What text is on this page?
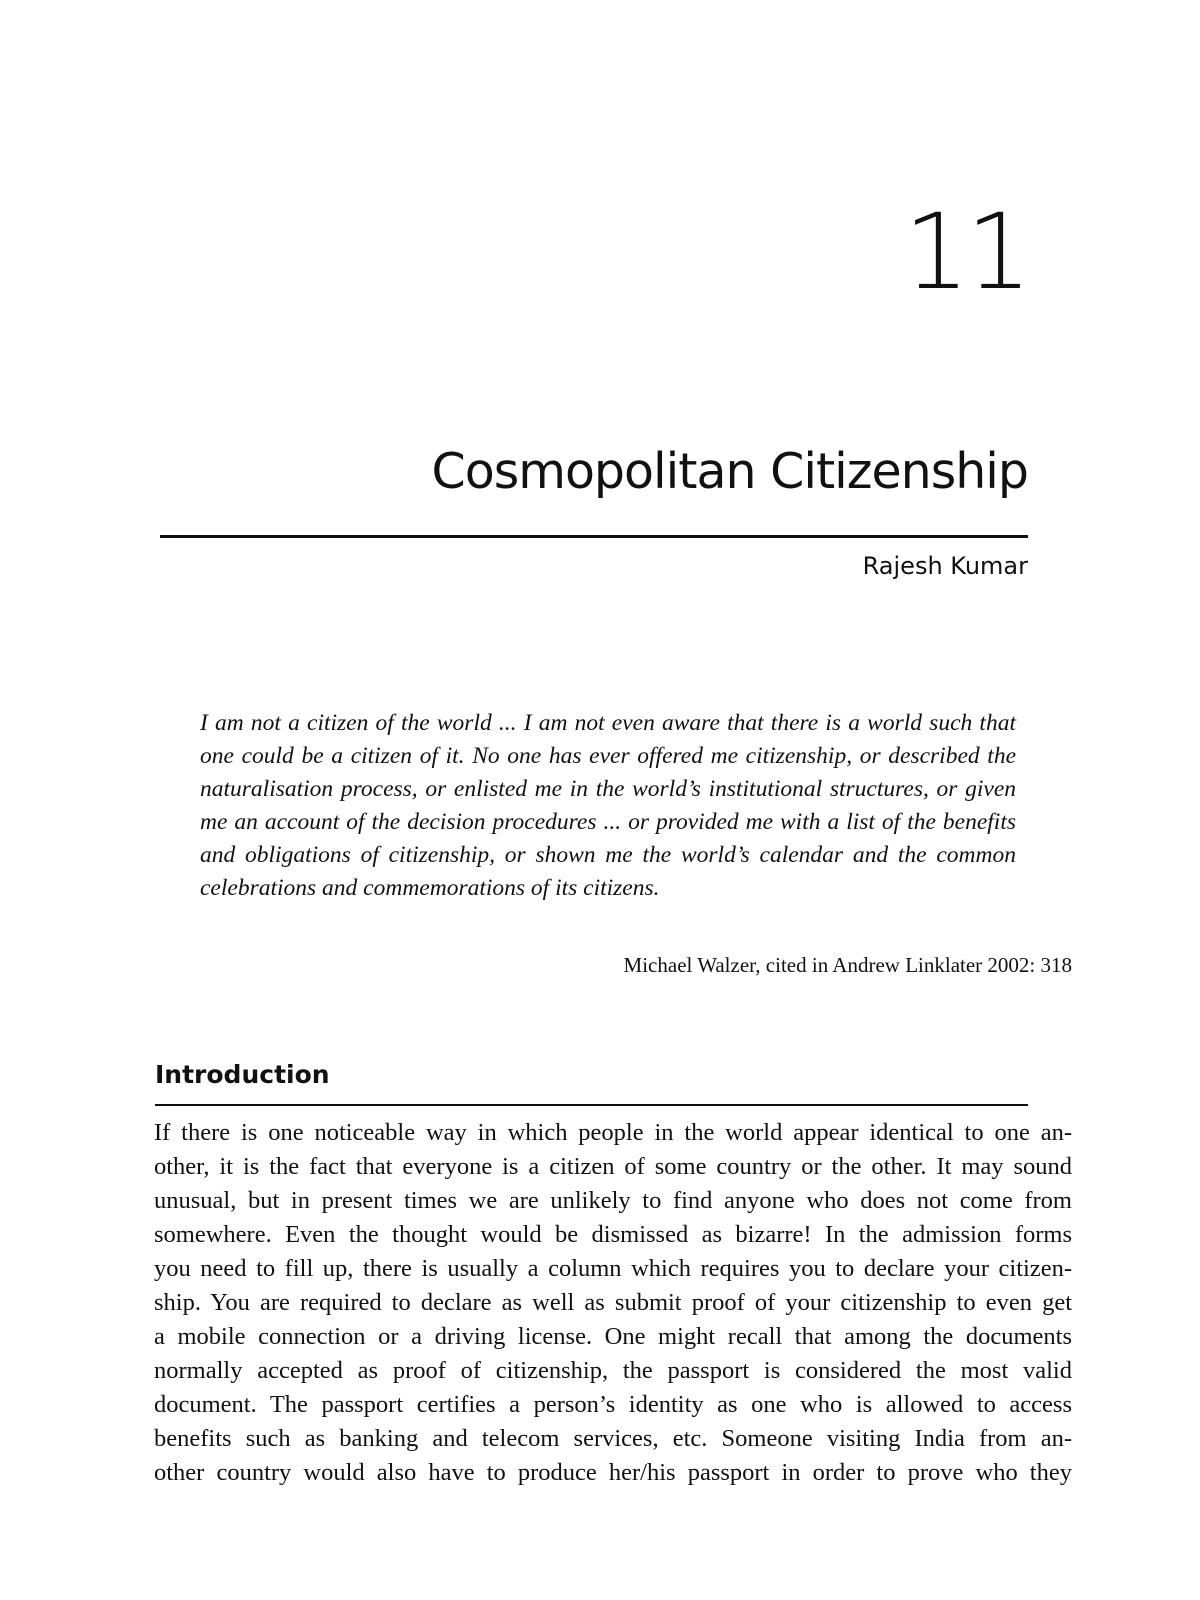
11
Cosmopolitan Citizenship
Rajesh Kumar
I am not a citizen of the world ... I am not even aware that there is a world such that one could be a citizen of it. No one has ever offered me citizenship, or described the naturalisation process, or enlisted me in the world’s institutional structures, or given me an account of the decision procedures ... or provided me with a list of the benefits and obligations of citizenship, or shown me the world’s calendar and the common celebrations and commemorations of its citizens.
Michael Walzer, cited in Andrew Linklater 2002: 318
Introduction

If there is one noticeable way in which people in the world appear identical to one an-
other, it is the fact that everyone is a citizen of some country or the other. It may sound
unusual, but in present times we are unlikely to find anyone who does not come from
somewhere. Even the thought would be dismissed as bizarre! In the admission forms
you need to fill up, there is usually a column which requires you to declare your citizen-
ship. You are required to declare as well as submit proof of your citizenship to even get
a mobile connection or a driving license. One might recall that among the documents
normally accepted as proof of citizenship, the passport is considered the most valid
document. The passport certifies a person’s identity as one who is allowed to access
benefits such as banking and telecom services, etc. Someone visiting India from an-
other country would also have to produce her/his passport in order to prove who they
